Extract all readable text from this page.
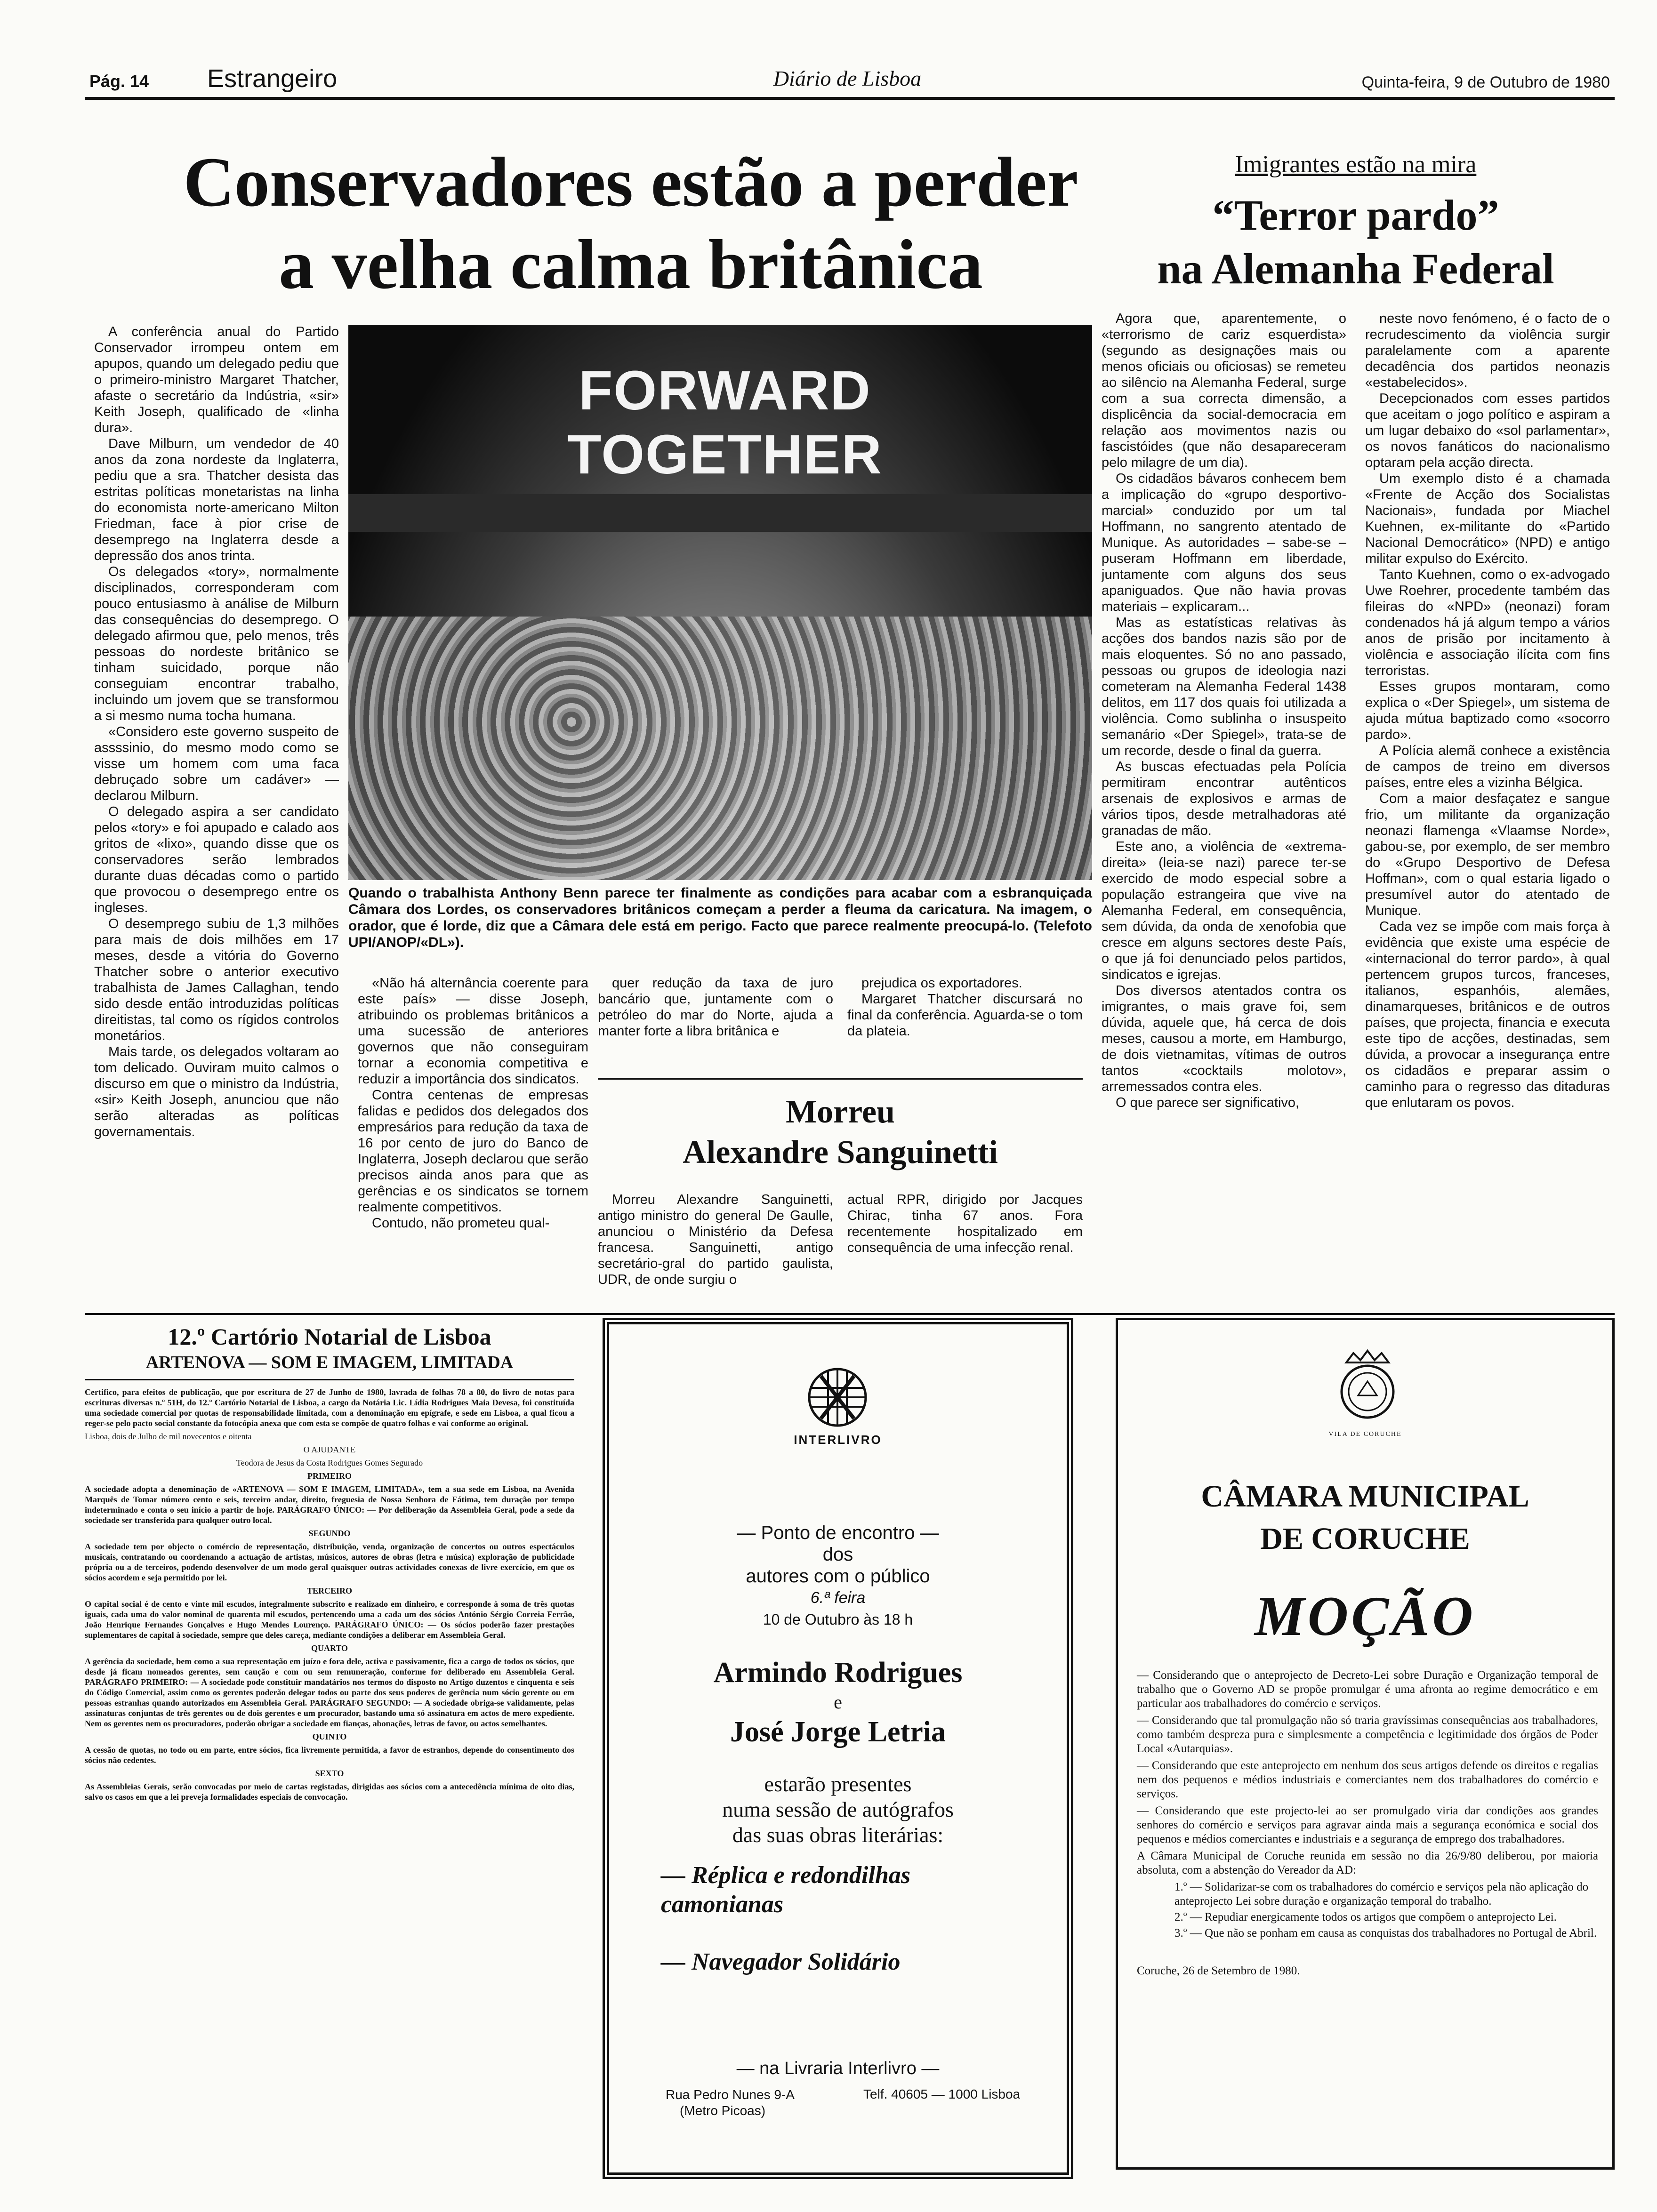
Pág. 14 Estrangeiro	Diário de Lisboa	Quinta-feira, 9 de Outubro de 1980
Conservadores estão a perder
a velha calma britânica

A conferência anual do Partido Conservador irrompeu ontem em apupos, quando um delegado pediu que o primeiro-ministro Margaret Thatcher, afaste o secretário da Indústria, «sir» Keith Joseph, qualificado de «linha dura».

Dave Milburn, um vendedor de 40 anos da zona nordeste da Inglaterra, pediu que a sra. Thatcher desista das estritas políticas monetaristas na linha do economista norte-americano Milton Friedman, face à pior crise de desemprego na Inglaterra desde a depressão dos anos trinta.

Os delegados «tory», normalmente disciplinados, corresponderam com pouco entusiasmo à análise de Milburn das consequências do desemprego. O delegado afirmou que, pelo menos, três pessoas do nordeste britânico se tinham suicidado, porque não conseguiam encontrar trabalho, incluindo um jovem que se transformou a si mesmo numa tocha humana.

«Considero este governo suspeito de assssinio, do mesmo modo como se visse um homem com uma faca debruçado sobre um cadáver» — declarou Milburn.

O delegado aspira a ser candidato pelos «tory» e foi apupado e calado aos gritos de «lixo», quando disse que os conservadores serão lembrados durante duas décadas como o partido que provocou o desemprego entre os ingleses.

O desemprego subiu de 1,3 milhões para mais de dois milhões em 17 meses, desde a vitória do Governo Thatcher sobre o anterior executivo trabalhista de James Callaghan, tendo sido desde então introduzidas políticas direitistas, tal como os rígidos controlos monetários.

Mais tarde, os delegados voltaram ao tom delicado. Ouviram muito calmos o discurso em que o ministro da Indústria, «sir» Keith Joseph, anunciou que não serão alteradas as políticas governamentais.

FORWARD TOGETHER
Quando o trabalhista Anthony Benn parece ter finalmente as condições para acabar com a esbranquiçada Câmara dos Lordes, os conservadores britânicos começam a perder a fleuma da caricatura. Na imagem, o orador, que é lorde, diz que a Câmara dele está em perigo. Facto que parece realmente preocupá-lo. (Telefoto UPI/ANOP/«DL»).

«Não há alternância coerente para este país» — disse Joseph, atribuindo os problemas britânicos a uma sucessão de anteriores governos que não conseguiram tornar a economia competitiva e reduzir a importância dos sindicatos.

Contra centenas de empresas falidas e pedidos dos delegados dos empresários para redução da taxa de 16 por cento de juro do Banco de Inglaterra, Joseph declarou que serão precisos ainda anos para que as gerências e os sindicatos se tornem realmente competitivos.

Contudo, não prometeu qual-

quer redução da taxa de juro bancário que, juntamente com o petróleo do mar do Norte, ajuda a manter forte a libra britânica e

prejudica os exportadores.

Margaret Thatcher discursará no final da conferência. Aguarda-se o tom da plateia.

Morreu
Alexandre Sanguinetti

Morreu Alexandre Sanguinetti, antigo ministro do general De Gaulle, anunciou o Ministério da Defesa francesa. Sanguinetti, antigo secretário-gral do partido gaulista, UDR, de onde surgiu o

actual RPR, dirigido por Jacques Chirac, tinha 67 anos. Fora recentemente hospitalizado em consequência de uma infecção renal.

Imigrantes estão na mira
“Terror pardo”
na Alemanha Federal

Agora que, aparentemente, o «terrorismo de cariz esquerdista» (segundo as designações mais ou menos oficiais ou oficiosas) se remeteu ao silêncio na Alemanha Federal, surge com a sua correcta dimensão, a displicência da social-democracia em relação aos movimentos nazis ou fascistóides (que não desapareceram pelo milagre de um dia).

Os cidadãos bávaros conhecem bem a implicação do «grupo desportivo-marcial» conduzido por um tal Hoffmann, no sangrento atentado de Munique. As autoridades – sabe-se – puseram Hoffmann em liberdade, juntamente com alguns dos seus apaniguados. Que não havia provas materiais – explicaram...

Mas as estatísticas relativas às acções dos bandos nazis são por de mais eloquentes. Só no ano passado, pessoas ou grupos de ideologia nazi cometeram na Alemanha Federal 1438 delitos, em 117 dos quais foi utilizada a violência. Como sublinha o insuspeito semanário «Der Spiegel», trata-se de um recorde, desde o final da guerra.

As buscas efectuadas pela Polícia permitiram encontrar autênticos arsenais de explosivos e armas de vários tipos, desde metralhadoras até granadas de mão.

Este ano, a violência de «extrema-direita» (leia-se nazi) parece ter-se exercido de modo especial sobre a população estrangeira que vive na Alemanha Federal, em consequência, sem dúvida, da onda de xenofobia que cresce em alguns sectores deste País, o que já foi denunciado pelos partidos, sindicatos e igrejas.

Dos diversos atentados contra os imigrantes, o mais grave foi, sem dúvida, aquele que, há cerca de dois meses, causou a morte, em Hamburgo, de dois vietnamitas, vítimas de outros tantos «cocktails molotov», arremessados contra eles.

O que parece ser significativo,

neste novo fenómeno, é o facto de o recrudescimento da violência surgir paralelamente com a aparente decadência dos partidos neonazis «estabelecidos».

Decepcionados com esses partidos que aceitam o jogo político e aspiram a um lugar debaixo do «sol parlamentar», os novos fanáticos do nacionalismo optaram pela acção directa.

Um exemplo disto é a chamada «Frente de Acção dos Socialistas Nacionais», fundada por Miachel Kuehnen, ex-militante do «Partido Nacional Democrático» (NPD) e antigo militar expulso do Exército.

Tanto Kuehnen, como o ex-advogado Uwe Roehrer, procedente também das fileiras do «NPD» (neonazi) foram condenados há já algum tempo a vários anos de prisão por incitamento à violência e associação ilícita com fins terroristas.

Esses grupos montaram, como explica o «Der Spiegel», um sistema de ajuda mútua baptizado como «socorro pardo».

A Polícia alemã conhece a existência de campos de treino em diversos países, entre eles a vizinha Bélgica.

Com a maior desfaçatez e sangue frio, um militante da organização neonazi flamenga «Vlaamse Norde», gabou-se, por exemplo, de ser membro do «Grupo Desportivo de Defesa Hoffman», com o qual estaria ligado o presumível autor do atentado de Munique.

Cada vez se impõe com mais força à evidência que existe uma espécie de «internacional do terror pardo», à qual pertencem grupos turcos, franceses, italianos, espanhóis, alemães, dinamarqueses, britânicos e de outros países, que projecta, financia e executa este tipo de acções, destinadas, sem dúvida, a provocar a insegurança entre os cidadãos e preparar assim o caminho para o regresso das ditaduras que enlutaram os povos.

12.º Cartório Notarial de Lisboa
ARTENOVA — SOM E IMAGEM, LIMITADA

Certifico, para efeitos de publicação, que por escritura de 27 de Junho de 1980, lavrada de folhas 78 a 80, do livro de notas para escrituras diversas n.º 51H, do 12.º Cartório Notarial de Lisboa, a cargo da Notária Lic. Lídia Rodrigues Maia Devesa, foi constituída uma sociedade comercial por quotas de responsabilidade limitada, com a denominação em epígrafe, e sede em Lisboa, a qual ficou a reger-se pelo pacto social constante da fotocópia anexa que com esta se compõe de quatro folhas e vai conforme ao original.

Lisboa, dois de Julho de mil novecentos e oitenta

O AJUDANTE

Teodora de Jesus da Costa Rodrigues Gomes Segurado

PRIMEIRO

A sociedade adopta a denominação de «ARTENOVA — SOM E IMAGEM, LIMITADA», tem a sua sede em Lisboa, na Avenida Marquês de Tomar número cento e seis, terceiro andar, direito, freguesia de Nossa Senhora de Fátima, tem duração por tempo indeterminado e conta o seu início a partir de hoje. PARÁGRAFO ÚNICO: — Por deliberação da Assembleia Geral, pode a sede da sociedade ser transferida para qualquer outro local.

SEGUNDO

A sociedade tem por objecto o comércio de representação, distribuição, venda, organização de concertos ou outros espectáculos musicais, contratando ou coordenando a actuação de artistas, músicos, autores de obras (letra e música) exploração de publicidade própria ou a de terceiros, podendo desenvolver de um modo geral quaisquer outras actividades conexas de livre exercício, em que os sócios acordem e seja permitido por lei.

TERCEIRO

O capital social é de cento e vinte mil escudos, integralmente subscrito e realizado em dinheiro, e corresponde à soma de três quotas iguais, cada uma do valor nominal de quarenta mil escudos, pertencendo uma a cada um dos sócios António Sérgio Correia Ferrão, João Henrique Fernandes Gonçalves e Hugo Mendes Lourenço. PARÁGRAFO ÚNICO: — Os sócios poderão fazer prestações suplementares de capital à sociedade, sempre que deles careça, mediante condições a deliberar em Assembleia Geral.

QUARTO

A gerência da sociedade, bem como a sua representação em juízo e fora dele, activa e passivamente, fica a cargo de todos os sócios, que desde já ficam nomeados gerentes, sem caução e com ou sem remuneração, conforme for deliberado em Assembleia Geral. PARÁGRAFO PRIMEIRO: — A sociedade pode constituir mandatários nos termos do disposto no Artigo duzentos e cinquenta e seis do Código Comercial, assim como os gerentes poderão delegar todos ou parte dos seus poderes de gerência num sócio gerente ou em pessoas estranhas quando autorizados em Assembleia Geral. PARÁGRAFO SEGUNDO: — A sociedade obriga-se validamente, pelas assinaturas conjuntas de três gerentes ou de dois gerentes e um procurador, bastando uma só assinatura em actos de mero expediente. Nem os gerentes nem os procuradores, poderão obrigar a sociedade em fianças, abonações, letras de favor, ou actos semelhantes.

QUINTO

A cessão de quotas, no todo ou em parte, entre sócios, fica livremente permitida, a favor de estranhos, depende do consentimento dos sócios não cedentes.

SEXTO

As Assembleias Gerais, serão convocadas por meio de cartas registadas, dirigidas aos sócios com a antecedência mínima de oito dias, salvo os casos em que a lei preveja formalidades especiais de convocação.

INTERLIVRO
— Ponto de encontro —
dos
autores com o público
6.ª feira
10 de Outubro às 18 h
Armindo Rodrigues
e
José Jorge Letria
estarão presentes
numa sessão de autógrafos
das suas obras literárias:
— Réplica e redondilhas camonianas
— Navegador Solidário
— na Livraria Interlivro —
Rua Pedro Nunes 9-A
(Metro Picoas)
Telf. 40605 — 1000 Lisboa
VILA DE CORUCHE
CÂMARA MUNICIPAL
DE CORUCHE
MOÇÃO

— Considerando que o anteprojecto de Decreto-Lei sobre Duração e Organização temporal de trabalho que o Governo AD se propõe promulgar é uma afronta ao regime democrático e em particular aos trabalhadores do comércio e serviços.

— Considerando que tal promulgação não só traria gravíssimas consequências aos trabalhadores, como também despreza pura e simplesmente a competência e legitimidade dos órgãos de Poder Local «Autarquias».

— Considerando que este anteprojecto em nenhum dos seus artigos defende os direitos e regalias nem dos pequenos e médios industriais e comerciantes nem dos trabalhadores do comércio e serviços.

— Considerando que este projecto-lei ao ser promulgado viria dar condições aos grandes senhores do comércio e serviços para agravar ainda mais a segurança económica e social dos pequenos e médios comerciantes e industriais e a segurança de emprego dos trabalhadores.

A Câmara Municipal de Coruche reunida em sessão no dia 26/9/80 deliberou, por maioria absoluta, com a abstenção do Vereador da AD:

1.º — Solidarizar-se com os trabalhadores do comércio e serviços pela não aplicação do anteprojecto Lei sobre duração e organização temporal do trabalho.
2.º — Repudiar energicamente todos os artigos que compõem o anteprojecto Lei.
3.º — Que não se ponham em causa as conquistas dos trabalhadores no Portugal de Abril.

Coruche, 26 de Setembro de 1980.
